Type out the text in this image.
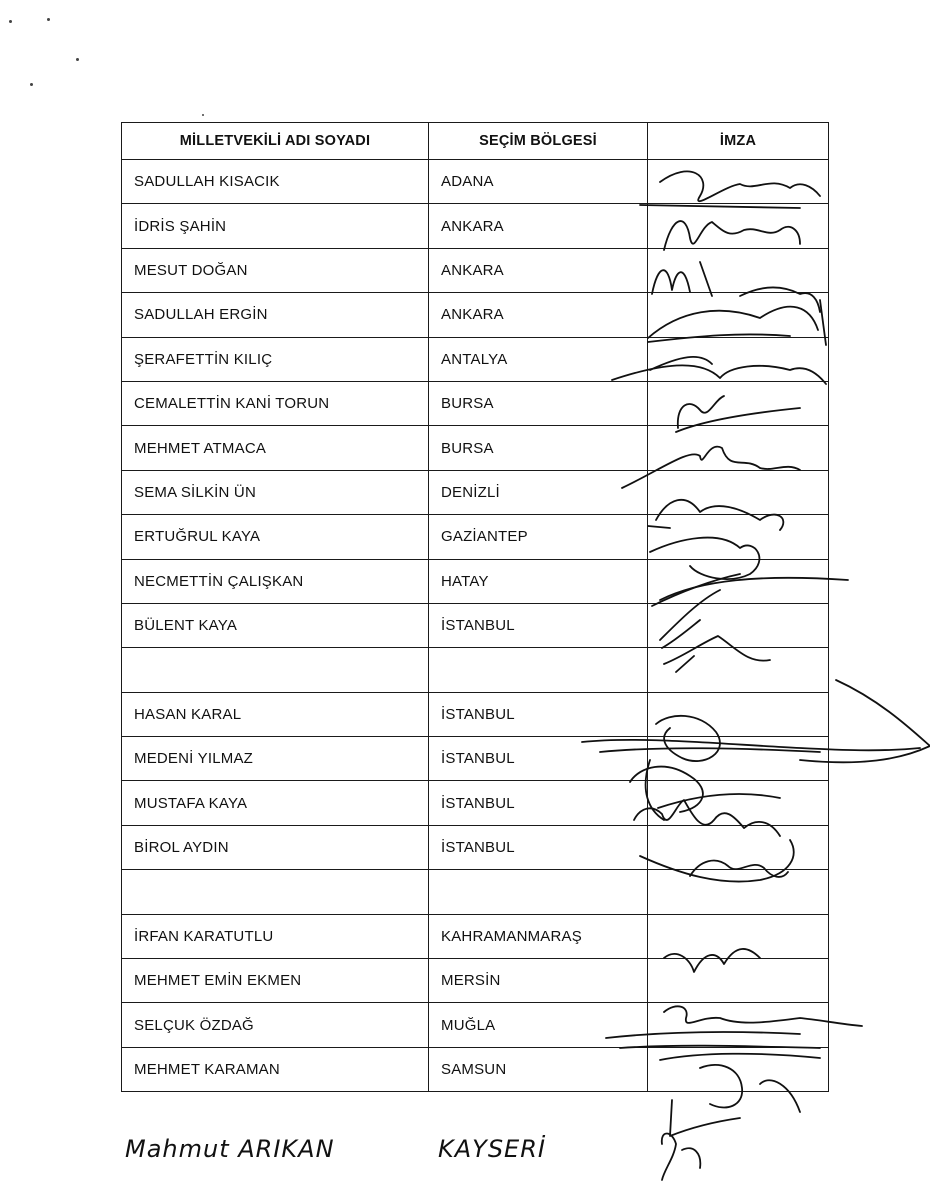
MİLLETVEKİLİ ADI SOYADI	SEÇİM BÖLGESİ	İMZA
SADULLAH KISACIK	ADANA	
İDRİS ŞAHİN	ANKARA	
MESUT DOĞAN	ANKARA	
SADULLAH ERGİN	ANKARA	
ŞERAFETTİN KILIÇ	ANTALYA	
CEMALETTİN KANİ TORUN	BURSA	
MEHMET ATMACA	BURSA	
SEMA SİLKİN ÜN	DENİZLİ	
ERTUĞRUL KAYA	GAZİANTEP	
NECMETTİN ÇALIŞKAN	HATAY	
BÜLENT KAYA	İSTANBUL	

HASAN KARAL	İSTANBUL	
MEDENİ YILMAZ	İSTANBUL	
MUSTAFA KAYA	İSTANBUL	
BİROL AYDIN	İSTANBUL	

İRFAN KARATUTLU	KAHRAMANMARAŞ	
MEHMET EMİN EKMEN	MERSİN	
SELÇUK ÖZDAĞ	MUĞLA	
MEHMET KARAMAN	SAMSUN	
Mahmut ARIKAN	KAYSERİ
